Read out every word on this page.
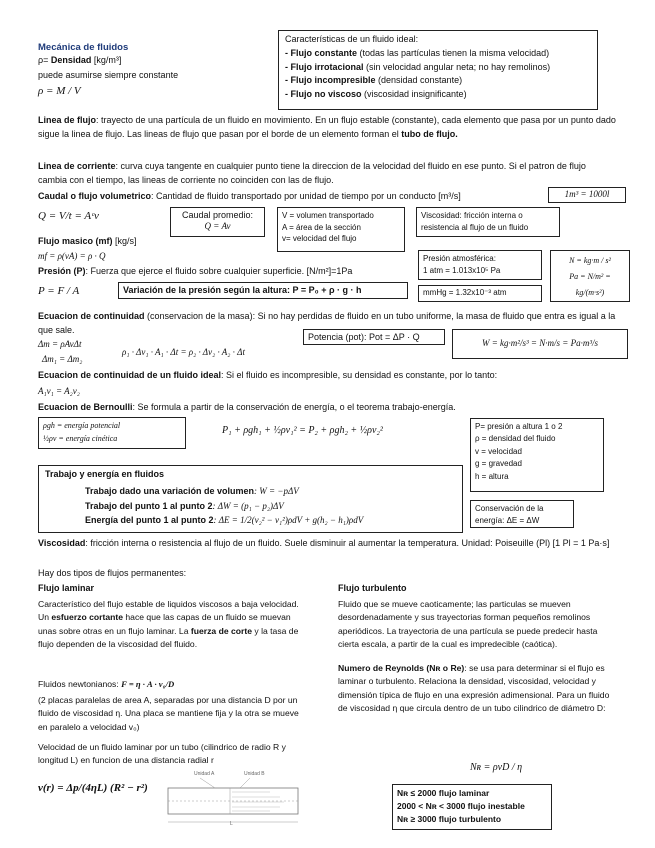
Mecánica de fluidos
ρ= Densidad [kg/m³]
puede asumirse siempre constante
ρ = M / V
Características de un fluido ideal:
- Flujo constante (todas las partículas tienen la misma velocidad)
- Flujo irrotacional (sin velocidad angular neta; no hay remolinos)
- Flujo incompresible (densidad constante)
- Flujo no viscoso (viscosidad insignificante)
Linea de flujo: trayecto de una partícula de un fluido en movimiento. En un flujo estable (constante), cada elemento que pasa por un punto dado sigue la linea de flujo. Las lineas de flujo que pasan por el borde de un elemento forman el tubo de flujo.
Linea de corriente: curva cuya tangente en cualquier punto tiene la direccion de la velocidad del fluido en ese punto. Si el patron de flujo cambia con el tiempo, las lineas de corriente no coinciden con las de flujo.
Caudal o flujo volumetrico: Cantidad de fluido transportado por unidad de tiempo por un conducto [m³/s]	1m³ = 1000l
Q = V/t = Aᶜv	Caudal promedio:
Q = Av
V = volumen transportado
A = área de la sección
v= velocidad del flujo
Viscosidad: fricción interna o resistencia al flujo de un fluido
Flujo masico (mf) [kg/s]
mf = ρ(vA) = ρ · Q	Presión atmosférica:
1 atm = 1.013x10⁵ Pa
mmHg = 1.32x10⁻³ atm
N = kg·m / s²
Pa = N/m² = kg/(m·s²)
Presión (P): Fuerza que ejerce el fluido sobre cualquier superficie. [N/m²]=1Pa
P = F / A	Variación de la presión según la altura: P = P₀ + ρ · g · h
Ecuacion de continuidad (conservacion de la masa): Si no hay perdidas de fluido en un tubo uniforme, la masa de fluido que entra es igual a la que sale.
Δm = ρAvΔt
Δm₁ = Δm₂
ρ₁ · Δv₁ · A₁ · Δt = ρ₂ · Δv₂ · A₂ · Δt
Potencia (pot): Pot = ΔP · Q
W = kg·m²/s³ = N·m/s = Pa·m³/s
Ecuacion de continuidad de un fluido ideal: Si el fluido es incompresible, su densidad es constante, por lo tanto:
A₁v₁ = A₂v₂
Ecuacion de Bernoulli: Se formula a partir de la conservación de energía, o el teorema trabajo-energía.
ρgh = energía potencial
½ρv = energía cinética
P₁ + ρgh₁ + ½ρv₁² = P₂ + ρgh₂ + ½ρv₂²	P= presión a altura 1 o 2
ρ = densidad del fluido
v = velocidad
g = gravedad
h = altura
Trabajo y energía en fluidos
Trabajo dado una variación de volumen: W = −pΔV
Trabajo del punto 1 al punto 2: ΔW = (p₁ − p₂)ΔV
Energía del punto 1 al punto 2: ΔE = 1/2(v₂² − v₁²)ρdV + g(h₂ − h₁)ρdV
Conservación de la energía: ΔE = ΔW
Viscosidad: fricción interna o resistencia al flujo de un fluido. Suele disminuir al aumentar la temperatura. Unidad: Poiseuille (Pl) [1 Pl = 1 Pa·s]
Hay dos tipos de flujos permanentes:
Flujo laminar
Característico del flujo estable de liquidos viscosos a baja velocidad. Un esfuerzo cortante hace que las capas de un fluido se muevan unas sobre otras en un flujo laminar. La fuerza de corte y la tasa de flujo dependen de la viscosidad del fluido.
Fluidos newtonianos: F = η · A · v₀/D
(2 placas paralelas de area A, separadas por una distancia D por un fluido de viscosidad η. Una placa se mantiene fija y la otra se mueve en paralelo a velocidad v₀)
Velocidad de un fluido laminar por un tubo (cilindrico de radio R y longitud L) en funcion de una distancia radial r
v(r) = Δp/(4ηL) (R² − r²)
Unidad A	Unidad B
L
Flujo turbulento
Fluido que se mueve caoticamente; las particulas se mueven desordenadamente y sus trayectorias forman pequeños remolinos aperiódicos. La trayectoria de una partícula se puede predecir hasta cierta escala, a partir de la cual es impredecible (caótica).
Numero de Reynolds (Nʀ o Re): se usa para determinar si el flujo es laminar o turbulento. Relaciona la densidad, viscosidad, velocidad y dimensión típica de flujo en una expresión adimensional. Para un fluido de viscosidad η que circula dentro de un tubo cilindrico de diámetro D:
Nʀ = ρvD / η
Nʀ ≤ 2000 flujo laminar
2000 < Nʀ < 3000 flujo inestable
Nʀ ≥ 3000 flujo turbulento
